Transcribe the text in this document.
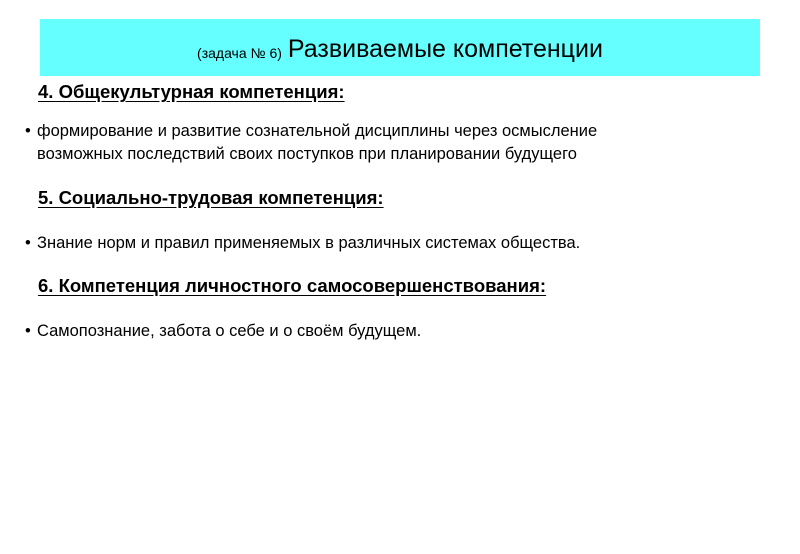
(задача № 6) Развиваемые компетенции
4. Общекультурная компетенция:
• формирование и развитие сознательной дисциплины через осмысление
возможных последствий своих поступков при планировании будущего
5. Социально-трудовая компетенция:
• Знание норм и правил применяемых в различных системах общества.
6. Компетенция личностного самосовершенствования:
• Самопознание, забота о себе и о своём будущем.
